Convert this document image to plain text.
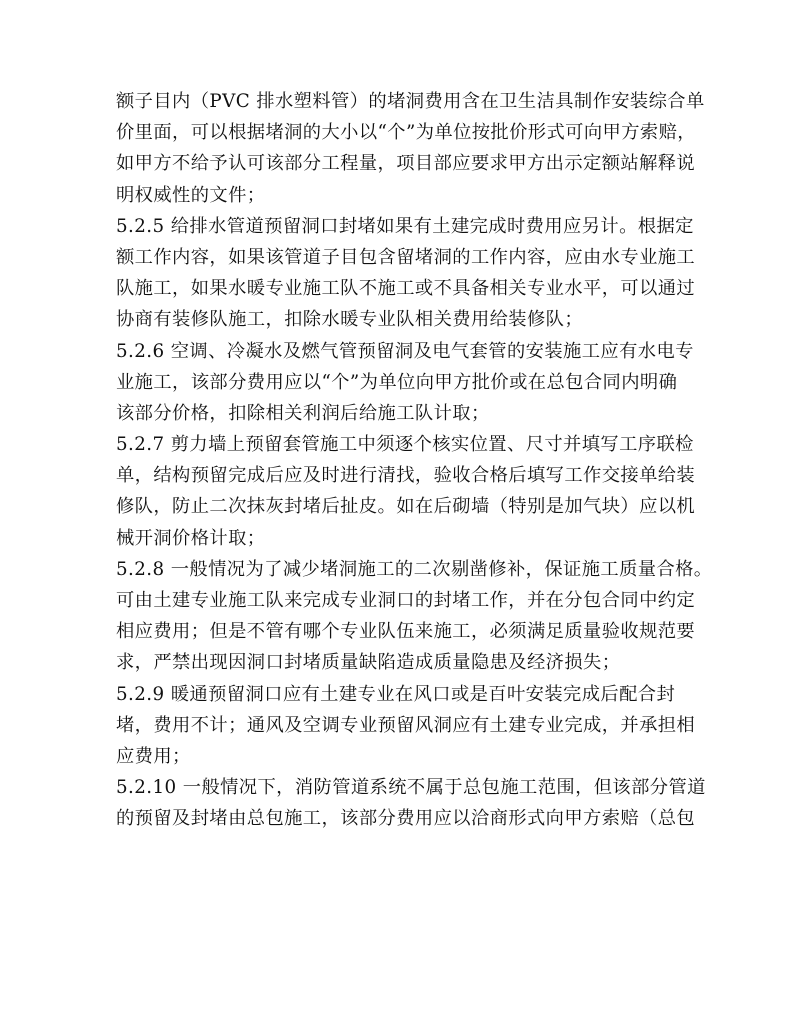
额子目内（PVC 排水塑料管）的堵洞费用含在卫生洁具制作安装综合单
价里面，可以根据堵洞的大小以“个”为单位按批价形式可向甲方索赔，
如甲方不给予认可该部分工程量，项目部应要求甲方出示定额站解释说
明权威性的文件；
5.2.5 给排水管道预留洞口封堵如果有土建完成时费用应另计。根据定
额工作内容，如果该管道子目包含留堵洞的工作内容，应由水专业施工
队施工，如果水暖专业施工队不施工或不具备相关专业水平，可以通过
协商有装修队施工，扣除水暖专业队相关费用给装修队；
5.2.6 空调、冷凝水及燃气管预留洞及电气套管的安装施工应有水电专
业施工，该部分费用应以“个”为单位向甲方批价或在总包合同内明确
该部分价格，扣除相关利润后给施工队计取；
5.2.7 剪力墙上预留套管施工中须逐个核实位置、尺寸并填写工序联检
单，结构预留完成后应及时进行清找，验收合格后填写工作交接单给装
修队，防止二次抹灰封堵后扯皮。如在后砌墙（特别是加气块）应以机
械开洞价格计取；
5.2.8 一般情况为了减少堵洞施工的二次剔凿修补，保证施工质量合格。
可由土建专业施工队来完成专业洞口的封堵工作，并在分包合同中约定
相应费用；但是不管有哪个专业队伍来施工，必须满足质量验收规范要
求，严禁出现因洞口封堵质量缺陷造成质量隐患及经济损失；
5.2.9 暖通预留洞口应有土建专业在风口或是百叶安装完成后配合封
堵，费用不计；通风及空调专业预留风洞应有土建专业完成，并承担相
应费用；
5.2.10 一般情况下，消防管道系统不属于总包施工范围，但该部分管道
的预留及封堵由总包施工，该部分费用应以洽商形式向甲方索赔（总包
